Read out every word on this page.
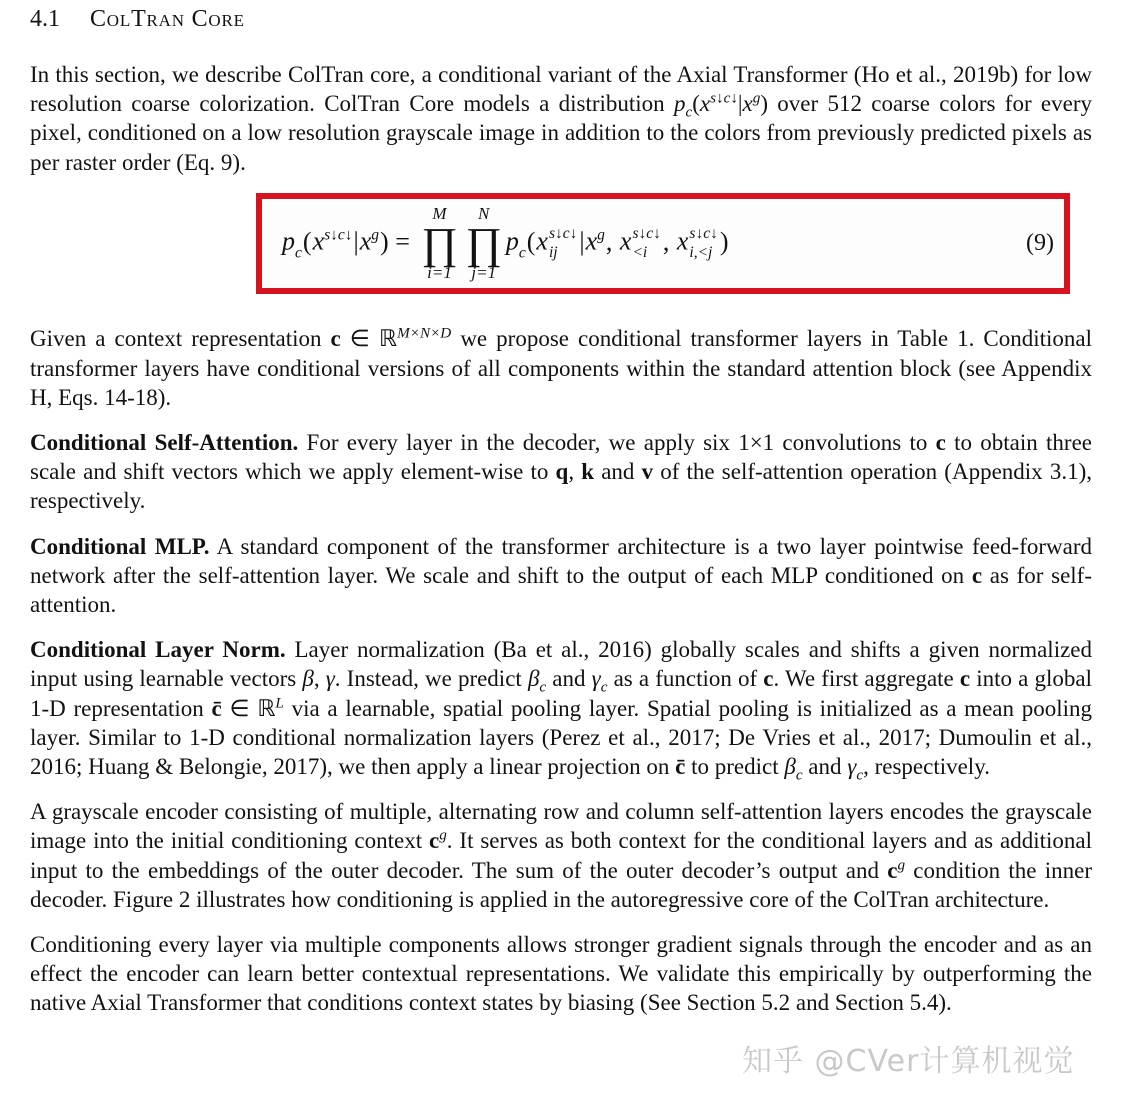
4.1 ColTran Core

In this section, we describe ColTran core, a conditional variant of the Axial Transformer (Ho et al., 2019b) for low resolution coarse colorization. ColTran Core models a distribution $p_c(x^{s↓c↓}|x^g)$ over 512 coarse colors for every pixel, conditioned on a low resolution grayscale image in addition to the colors from previously predicted pixels as per raster order (Eq. 9).

$p_c(x^{s↓c↓}|x^g)$ =
M
∏
i=1
N
∏
j=1
$p_c(x$ s↓c↓
ij $|x^g$, x s↓c↓
<i , x s↓c↓
i,<j )	(9)

Given a context representation c ∈ ℝ$^{M\times N\times D}$ we propose conditional transformer layers in Table 1. Conditional transformer layers have conditional versions of all components within the standard attention block (see Appendix H, Eqs. 14-18).

Conditional Self-Attention. For every layer in the decoder, we apply six 1×1 convolutions to c to obtain three scale and shift vectors which we apply element-wise to q, k and v of the self-attention operation (Appendix 3.1), respectively.

Conditional MLP. A standard component of the transformer architecture is a two layer pointwise feed-forward network after the self-attention layer. We scale and shift to the output of each MLP conditioned on c as for self-attention.

Conditional Layer Norm. Layer normalization (Ba et al., 2016) globally scales and shifts a given normalized input using learnable vectors β, γ. Instead, we predict $\beta_c$ and $\gamma_c$ as a function of c. We first aggregate c into a global 1-D representation c̄ ∈ ℝ$^L$ via a learnable, spatial pooling layer. Spatial pooling is initialized as a mean pooling layer. Similar to 1-D conditional normalization layers (Perez et al., 2017; De Vries et al., 2017; Dumoulin et al., 2016; Huang & Belongie, 2017), we then apply a linear projection on c̄ to predict $\beta_c$ and $\gamma_c$, respectively.

A grayscale encoder consisting of multiple, alternating row and column self-attention layers encodes the grayscale image into the initial conditioning context $c^g$. It serves as both context for the conditional layers and as additional input to the embeddings of the outer decoder. The sum of the outer decoder’s output and $c^g$ condition the inner decoder. Figure 2 illustrates how conditioning is applied in the autoregressive core of the ColTran architecture.

Conditioning every layer via multiple components allows stronger gradient signals through the encoder and as an effect the encoder can learn better contextual representations. We validate this empirically by outperforming the native Axial Transformer that conditions context states by biasing (See Section 5.2 and Section 5.4).

知乎 @CVer计算机视觉
